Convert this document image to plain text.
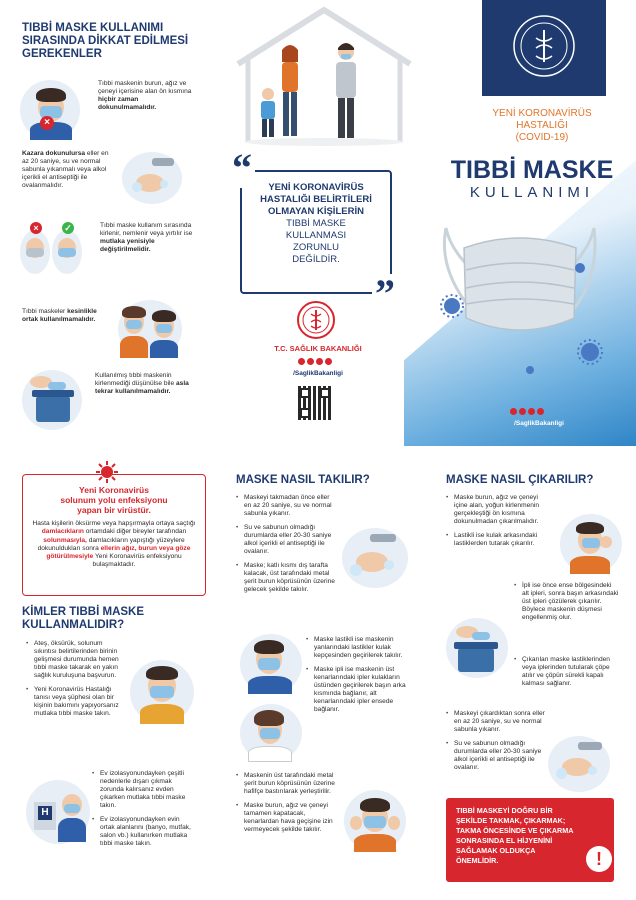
TIBBİ MASKE KULLANIMI
SIRASINDA DİKKAT EDİLMESİ
GEREKENLER
×
Tıbbi maskenin burun, ağız ve çeneyi içerisine alan ön kısmına hiçbir zaman dokunulmamalıdır.
Kazara dokunulursa eller en az 20 saniye, su ve normal sabunla yıkanmalı veya alkol içerikli el antiseptiği ile ovalanmalıdır.
×	✓	Tıbbi maske kullanım sırasında kirlenir, nemlenir veya yırtılır ise mutlaka yenisiyle değiştirilmelidir.
Tıbbi maskeler kesinlikle ortak kullanılmamalıdır.
Kullanılmış tıbbi maskenin kirlenmediği düşünülse bile asla tekrar kullanılmamalıdır.
“
”
YENİ KORONAVİRÜS
HASTALIĞI BELİRTİLERİ
OLMAYAN KİŞİLERİN
TIBBİ MASKE
KULLANMASI
ZORUNLU
DEĞİLDİR.
T.C. SAĞLIK BAKANLIĞI
/SaglikBakanligi
YENİ KORONAVİRÜS
HASTALIĞI
(COVID-19)
TIBBİ MASKE
KULLANIMI
/SaglikBakanligi
Yeni Koronavirüs
solunum yolu enfeksiyonu
yapan bir virüstür.
Hasta kişilerin öksürme veya hapşırmayla ortaya saçtığı damlacıkların ortamdaki diğer bireyler tarafından solunmasıyla, damlacıkların yapıştığı yüzeylere dokunuldukları sonra ellerin ağız, burun veya göze götürülmesiyle Yeni Koronavirüs enfeksiyonu bulaşmaktadır.
KİMLER TIBBİ MASKE
KULLANMALIDIR?
• Ateş, öksürük, solunum sıkıntısı belirtilerinden birinin gelişmesi durumunda hemen tıbbi maske takarak en yakın sağlık kuruluşuna başvurun.
• Yeni Koronavirüs Hastalığı tanısı veya şüphesi olan bir kişinin bakımını yapıyorsanız mutlaka tıbbi maske takın.
H
• Ev izolasyonundayken çeşitli nedenlerle dışarı çıkmak zorunda kalırsanız evden çıkarken mutlaka tıbbi maske takın.
• Ev izolasyonundayken evin ortak alanlarını (banyo, mutfak, salon vb.) kullanırken mutlaka tıbbi maske takın.
MASKE NASIL TAKILIR?
• Maskeyi takmadan önce eller en az 20 saniye, su ve normal sabunla yıkanır.
• Su ve sabunun olmadığı durumlarda eller 20-30 saniye alkol içerikli el antiseptiği ile ovalanır.
• Maske; katlı kısmı dış tarafta kalacak, üst tarafındaki metal şerit burun köprüsünün üzerine gelecek şekilde takılır.
• Maske lastikli ise maskenin yanlarındaki lastikler kulak kepçesinden geçirilerek takılır.
• Maske ipli ise maskenin üst kenarlarındaki ipler kulakların üstünden geçirilerek başın arka kısmında bağlanır, alt kenarlarındaki ipler ensede bağlanır.
• Maskenin üst tarafındaki metal şerit burun köprüsünün üzerine hafifçe bastırılarak yerleştirilir.
• Maske burun, ağız ve çeneyi tamamen kapatacak, kenarlardan hava geçişine izin vermeyecek şekilde takılır.
MASKE NASIL ÇIKARILIR?
• Maske burun, ağız ve çeneyi içine alan, yoğun kirlenmenin gerçekleştiği ön kısmına dokunulmadan çıkarılmalıdır.
• Lastikli ise kulak arkasındaki lastiklerden tutarak çıkarılır.
• İpli ise önce ense bölgesindeki alt ipleri, sonra başın arkasındaki üst ipleri çözülerek çıkarılır. Böylece maskenin düşmesi engellenmiş olur.
• Çıkarılan maske lastiklerinden veya iplerinden tutularak çöpe atılır ve çöpün sürekli kapalı kalması sağlanır.
• Maskeyi çıkardıktan sonra eller en az 20 saniye, su ve normal sabunla yıkanır.
• Su ve sabunun olmadığı durumlarda eller 20-30 saniye alkol içerikli el antiseptiği ile ovalanır.
TIBBİ MASKEYİ DOĞRU BİR
ŞEKİLDE TAKMAK, ÇIKARMAK;
TAKMA ÖNCESİNDE VE ÇIKARMA
SONRASINDA EL HİJYENİNİ
SAĞLAMAK OLDUKÇA
ÖNEMLİDİR.	!
